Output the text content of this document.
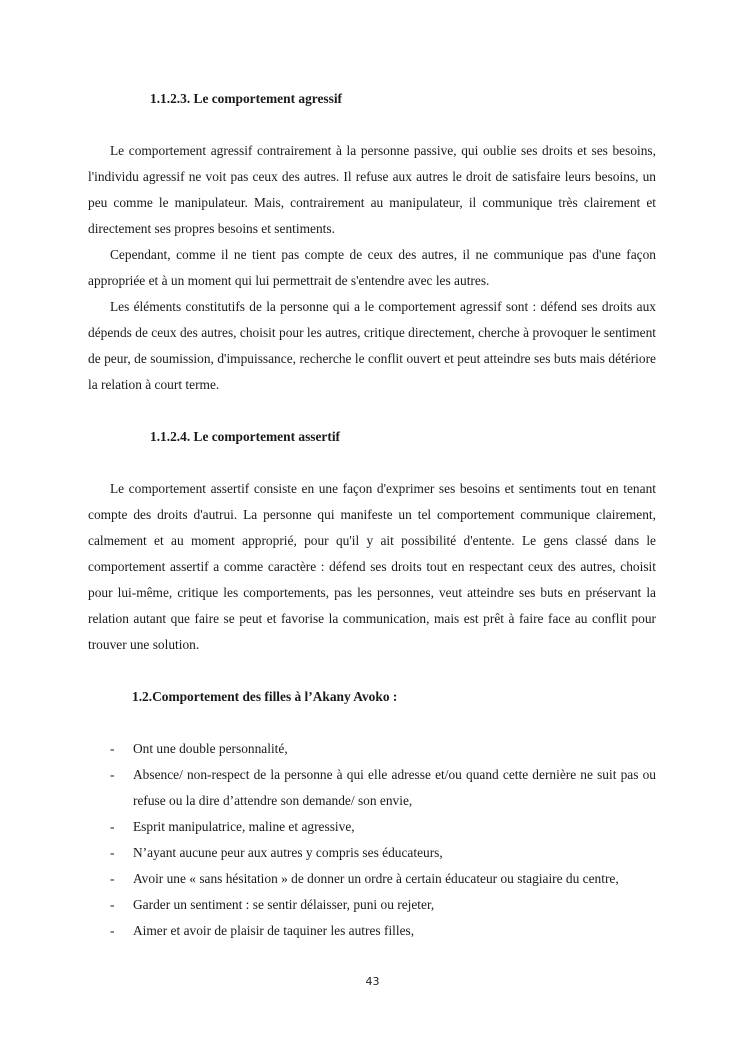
1.1.2.3. Le comportement agressif

Le comportement agressif contrairement à la personne passive, qui oublie ses droits et ses besoins, l'individu agressif ne voit pas ceux des autres. Il refuse aux autres le droit de satisfaire leurs besoins, un peu comme le manipulateur. Mais, contrairement au manipulateur, il communique très clairement et directement ses propres besoins et sentiments.

Cependant, comme il ne tient pas compte de ceux des autres, il ne communique pas d'une façon appropriée et à un moment qui lui permettrait de s'entendre avec les autres.

Les éléments constitutifs de la personne qui a le comportement agressif sont : défend ses droits aux dépends de ceux des autres, choisit pour les autres, critique directement, cherche à provoquer le sentiment de peur, de soumission, d'impuissance, recherche le conflit ouvert et peut atteindre ses buts mais détériore la relation à court terme.

1.1.2.4. Le comportement assertif

Le comportement assertif consiste en une façon d'exprimer ses besoins et sentiments tout en tenant compte des droits d'autrui. La personne qui manifeste un tel comportement communique clairement, calmement et au moment approprié, pour qu'il y ait possibilité d'entente. Le gens classé dans le comportement assertif a comme caractère : défend ses droits tout en respectant ceux des autres, choisit pour lui-même, critique les comportements, pas les personnes, veut atteindre ses buts en préservant la relation autant que faire se peut et favorise la communication, mais est prêt à faire face au conflit pour trouver une solution.

1.2.Comportement des filles à l’Akany Avoko :
- Ont une double personnalité,
- Absence/ non-respect de la personne à qui elle adresse et/ou quand cette dernière ne suit pas ou refuse ou la dire d’attendre son demande/ son envie,
- Esprit manipulatrice, maline et agressive,
- N’ayant aucune peur aux autres y compris ses éducateurs,
- Avoir une « sans hésitation » de donner un ordre à certain éducateur ou stagiaire du centre,
- Garder un sentiment : se sentir délaisser, puni ou rejeter,
- Aimer et avoir de plaisir de taquiner les autres filles,
43
